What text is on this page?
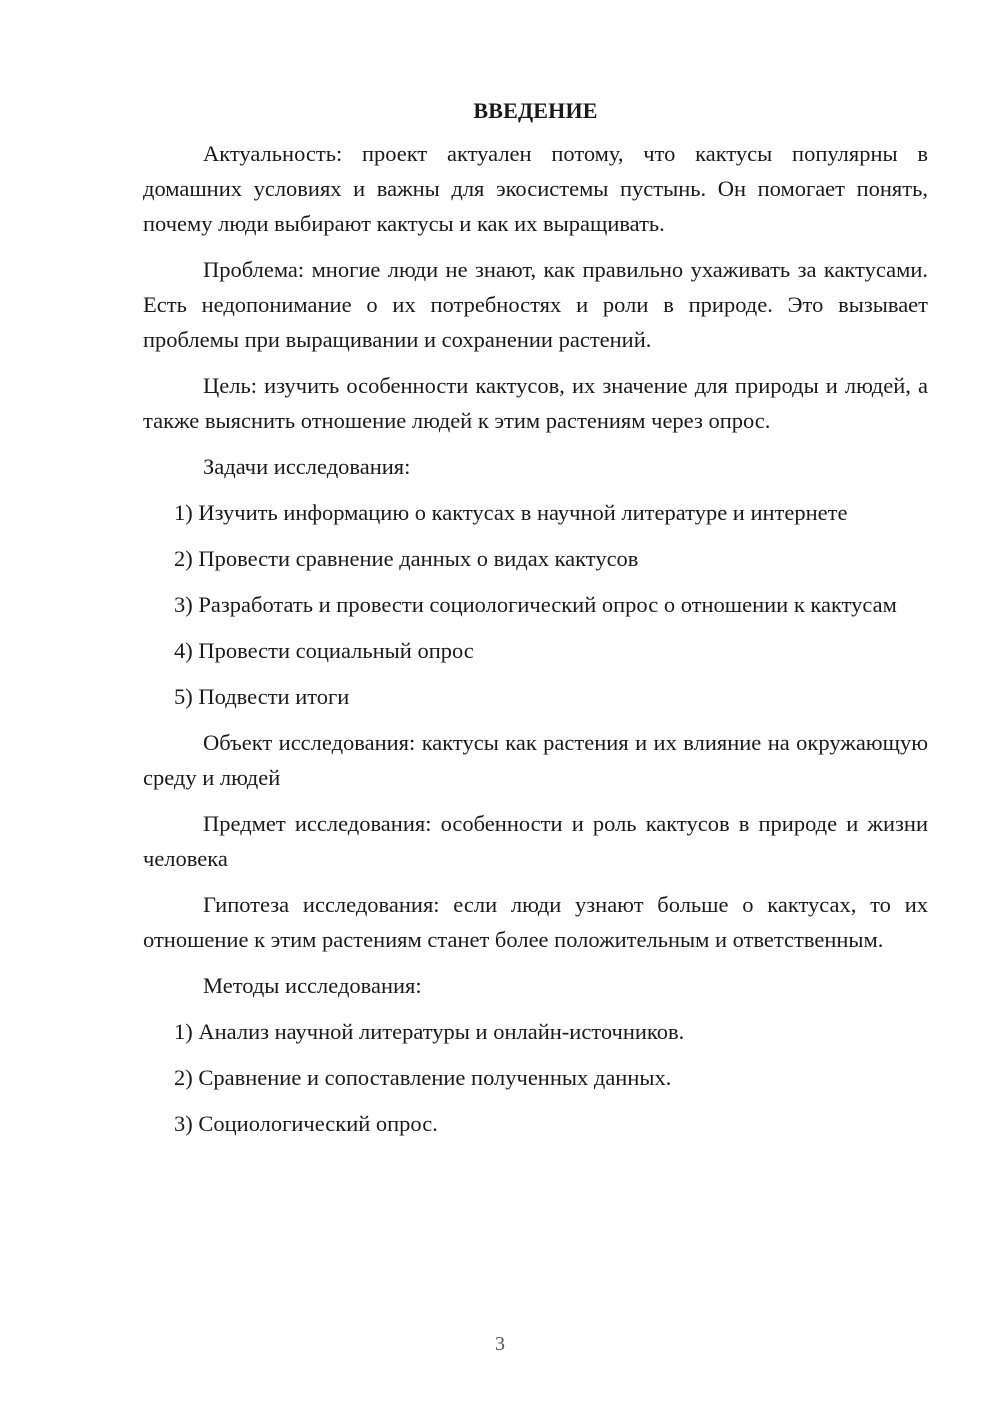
ВВЕДЕНИЕ

Актуальность: проект актуален потому, что кактусы популярны в домашних условиях и важны для экосистемы пустынь. Он помогает понять, почему люди выбирают кактусы и как их выращивать.

Проблема: многие люди не знают, как правильно ухаживать за кактусами. Есть недопонимание о их потребностях и роли в природе. Это вызывает проблемы при выращивании и сохранении растений.

Цель: изучить особенности кактусов, их значение для природы и людей, а также выяснить отношение людей к этим растениям через опрос.

Задачи исследования:

1) Изучить информацию о кактусах в научной литературе и интернете

2) Провести сравнение данных о видах кактусов

3) Разработать и провести социологический опрос о отношении к кактусам

4) Провести социальный опрос

5) Подвести итоги

Объект исследования: кактусы как растения и их влияние на окружающую среду и людей

Предмет исследования: особенности и роль кактусов в природе и жизни человека

Гипотеза исследования: если люди узнают больше о кактусах, то их отношение к этим растениям станет более положительным и ответственным.

Методы исследования:

1) Анализ научной литературы и онлайн-источников.

2) Сравнение и сопоставление полученных данных.

3) Социологический опрос.

3
